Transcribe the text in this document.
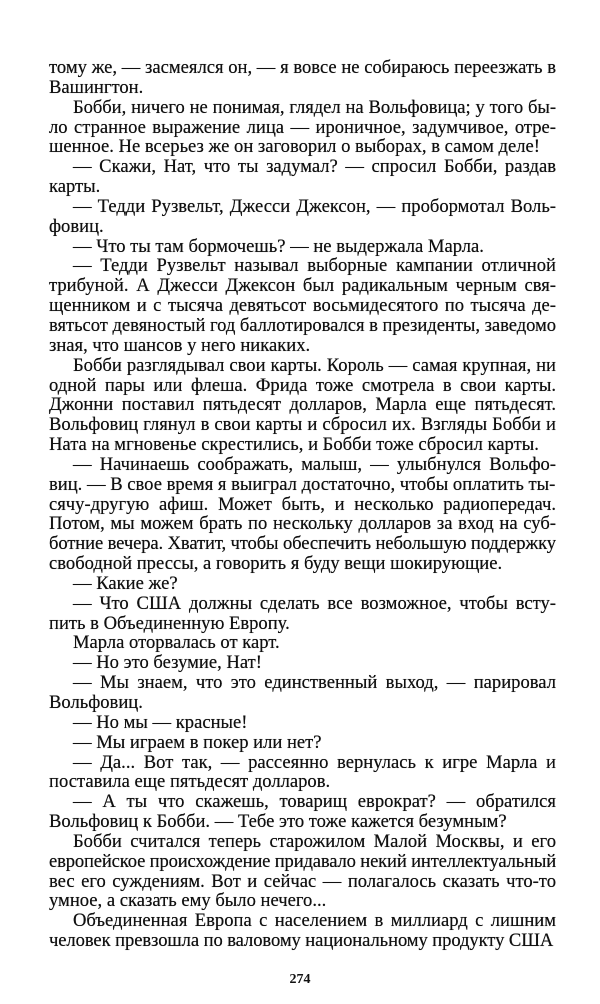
тому же, — засмеялся он, — я вовсе не собираюсь переезжать в
Вашингтон.
Бобби, ничего не понимая, глядел на Вольфовица; у того бы-
ло странное выражение лица — ироничное, задумчивое, отре-
шенное. Не всерьез же он заговорил о выборах, в самом деле!
— Скажи, Нат, что ты задумал? — спросил Бобби, раздав
карты.
— Тедди Рузвельт, Джесси Джексон, — пробормотал Воль-
фовиц.
— Что ты там бормочешь? — не выдержала Марла.
— Тедди Рузвельт называл выборные кампании отличной
трибуной. А Джесси Джексон был радикальным черным свя-
щенником и с тысяча девятьсот восьмидесятого по тысяча де-
вятьсот девяностый год баллотировался в президенты, заведомо
зная, что шансов у него никаких.
Бобби разглядывал свои карты. Король — самая крупная, ни
одной пары или флеша. Фрида тоже смотрела в свои карты.
Джонни поставил пятьдесят долларов, Марла еще пятьдесят.
Вольфовиц глянул в свои карты и сбросил их. Взгляды Бобби и
Ната на мгновенье скрестились, и Бобби тоже сбросил карты.
— Начинаешь соображать, малыш, — улыбнулся Вольфо-
виц. — В свое время я выиграл достаточно, чтобы оплатить ты-
сячу-другую афиш. Может быть, и несколько радиопередач.
Потом, мы можем брать по нескольку долларов за вход на суб-
ботние вечера. Хватит, чтобы обеспечить небольшую поддержку
свободной прессы, а говорить я буду вещи шокирующие.
— Какие же?
— Что США должны сделать все возможное, чтобы всту-
пить в Объединенную Европу.
Марла оторвалась от карт.
— Но это безумие, Нат!
— Мы знаем, что это единственный выход, — парировал
Вольфовиц.
— Но мы — красные!
— Мы играем в покер или нет?
— Да... Вот так, — рассеянно вернулась к игре Марла и
поставила еще пятьдесят долларов.
— А ты что скажешь, товарищ еврократ? — обратился
Вольфовиц к Бобби. — Тебе это тоже кажется безумным?
Бобби считался теперь старожилом Малой Москвы, и его
европейское происхождение придавало некий интеллектуальный
вес его суждениям. Вот и сейчас — полагалось сказать что-то
умное, а сказать ему было нечего...
Объединенная Европа с населением в миллиард с лишним
человек превзошла по валовому национальному продукту США
274
